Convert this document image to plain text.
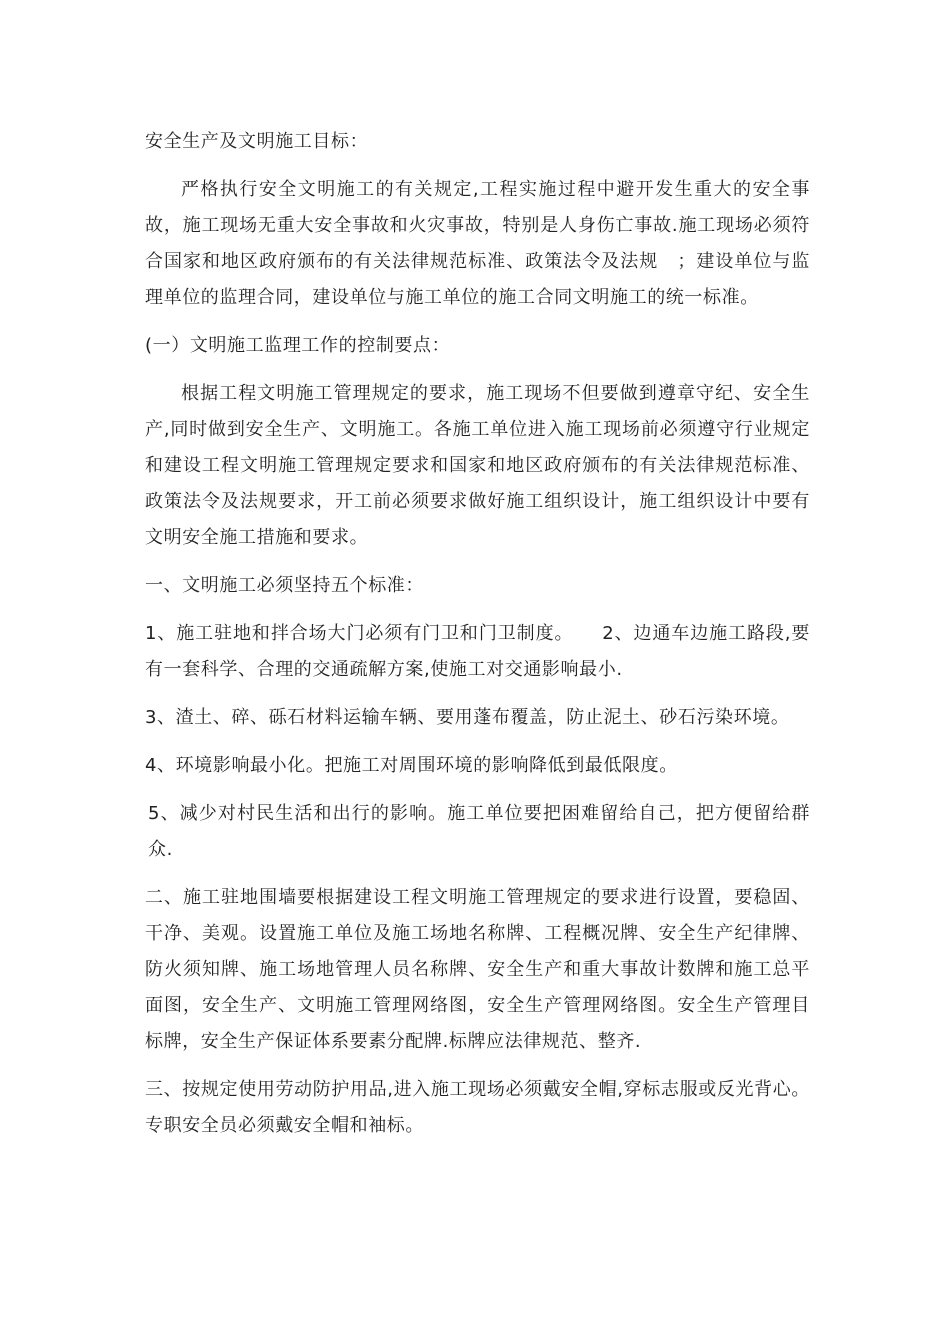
安全生产及文明施工目标：

严格执行安全文明施工的有关规定,工程实施过程中避开发生重大的安全事故，施工现场无重大安全事故和火灾事故，特别是人身伤亡事故.施工现场必须符合国家和地区政府颁布的有关法律规范标准、政策法令及法规　；建设单位与监理单位的监理合同，建设单位与施工单位的施工合同文明施工的统一标准。

(一）文明施工监理工作的控制要点：

根据工程文明施工管理规定的要求，施工现场不但要做到遵章守纪、安全生产,同时做到安全生产、文明施工。各施工单位进入施工现场前必须遵守行业规定和建设工程文明施工管理规定要求和国家和地区政府颁布的有关法律规范标准、政策法令及法规要求，开工前必须要求做好施工组织设计，施工组织设计中要有文明安全施工措施和要求。

一、文明施工必须坚持五个标准：

1、施工驻地和拌合场大门必须有门卫和门卫制度。　　2、边通车边施工路段,要有一套科学、合理的交通疏解方案,使施工对交通影响最小.

3、渣土、碎、砾石材料运输车辆、要用蓬布覆盖，防止泥土、砂石污染环境。

4、环境影响最小化。把施工对周围环境的影响降低到最低限度。

5、减少对村民生活和出行的影响。施工单位要把困难留给自己，把方便留给群众.

二、施工驻地围墙要根据建设工程文明施工管理规定的要求进行设置，要稳固、干净、美观。设置施工单位及施工场地名称牌、工程概况牌、安全生产纪律牌、防火须知牌、施工场地管理人员名称牌、安全生产和重大事故计数牌和施工总平面图，安全生产、文明施工管理网络图，安全生产管理网络图。安全生产管理目标牌，安全生产保证体系要素分配牌.标牌应法律规范、整齐.

三、按规定使用劳动防护用品,进入施工现场必须戴安全帽,穿标志服或反光背心。专职安全员必须戴安全帽和袖标。
